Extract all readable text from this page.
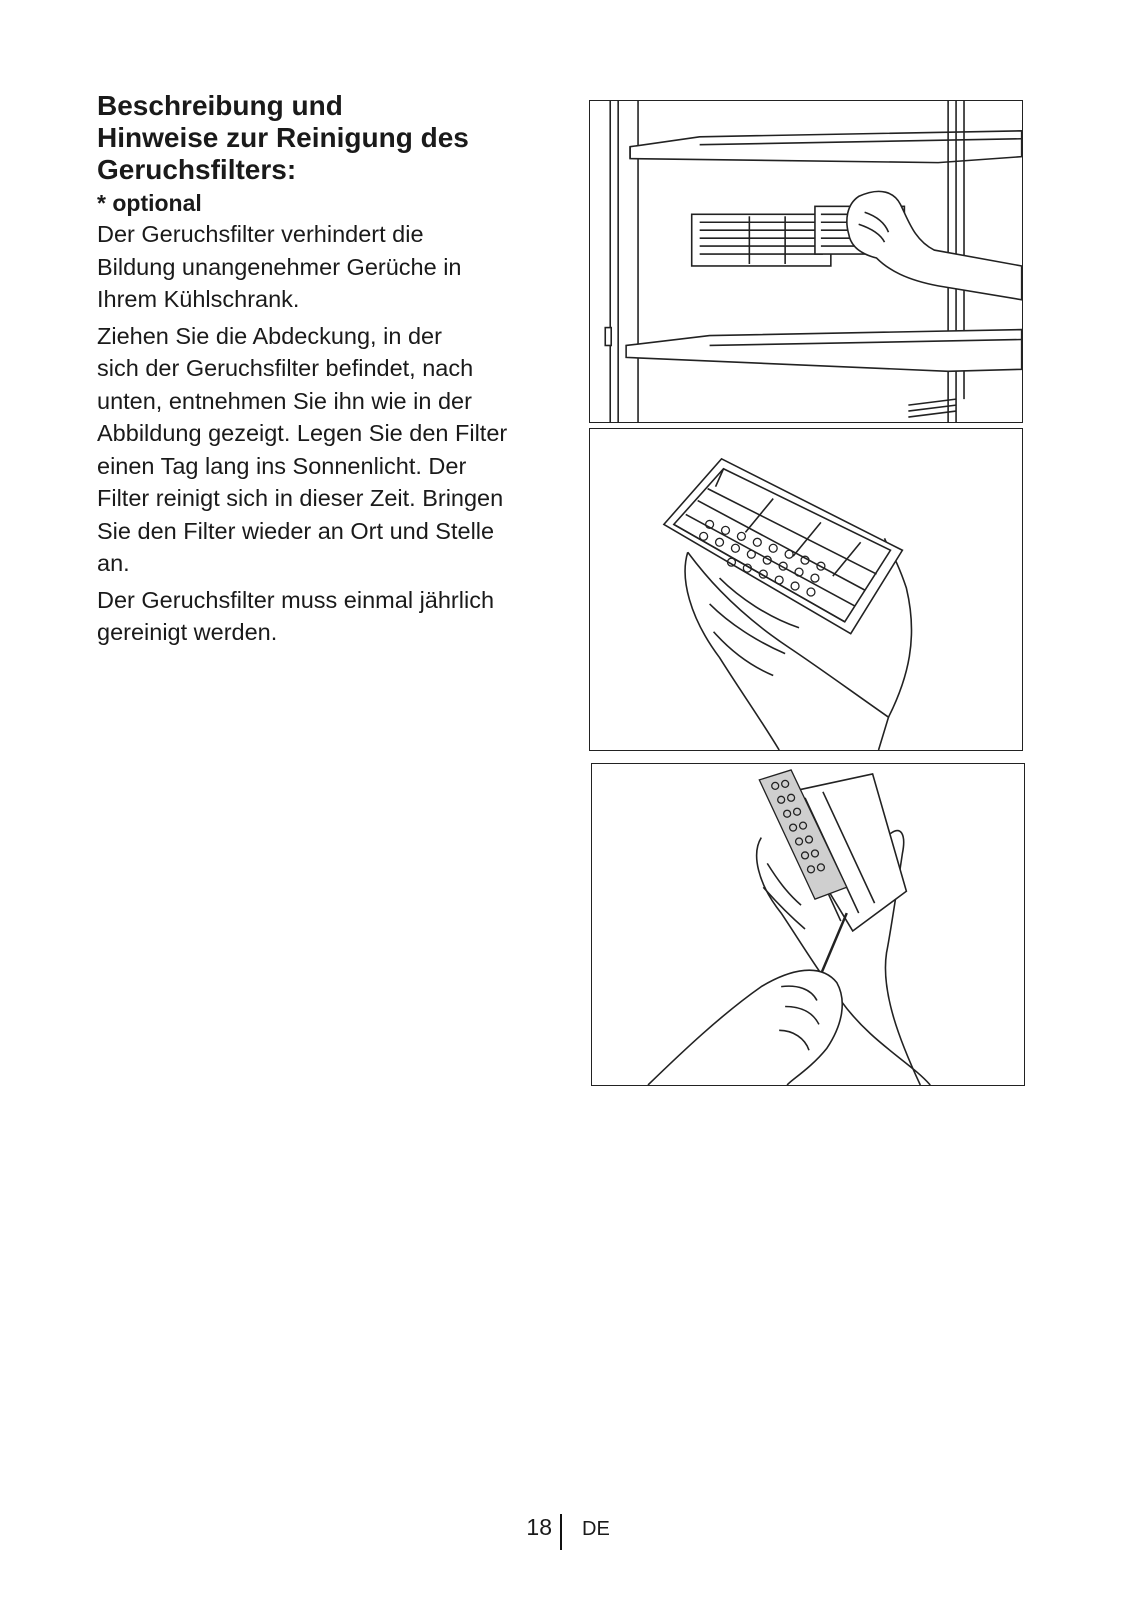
Beschreibung und
Hinweise zur Reinigung des
Geruchsfilters:

* optional

Der Geruchsfilter verhindert die
Bildung unangenehmer Gerüche in
Ihrem Kühlschrank.

Ziehen Sie die Abdeckung, in der
sich der Geruchsfilter befindet, nach
unten, entnehmen Sie ihn wie in der
Abbildung gezeigt. Legen Sie den Filter
einen Tag lang ins Sonnenlicht. Der
Filter reinigt sich in dieser Zeit. Bringen
Sie den Filter wieder an Ort und Stelle
an.

Der Geruchsfilter muss einmal jährlich
gereinigt werden.

18 DE
